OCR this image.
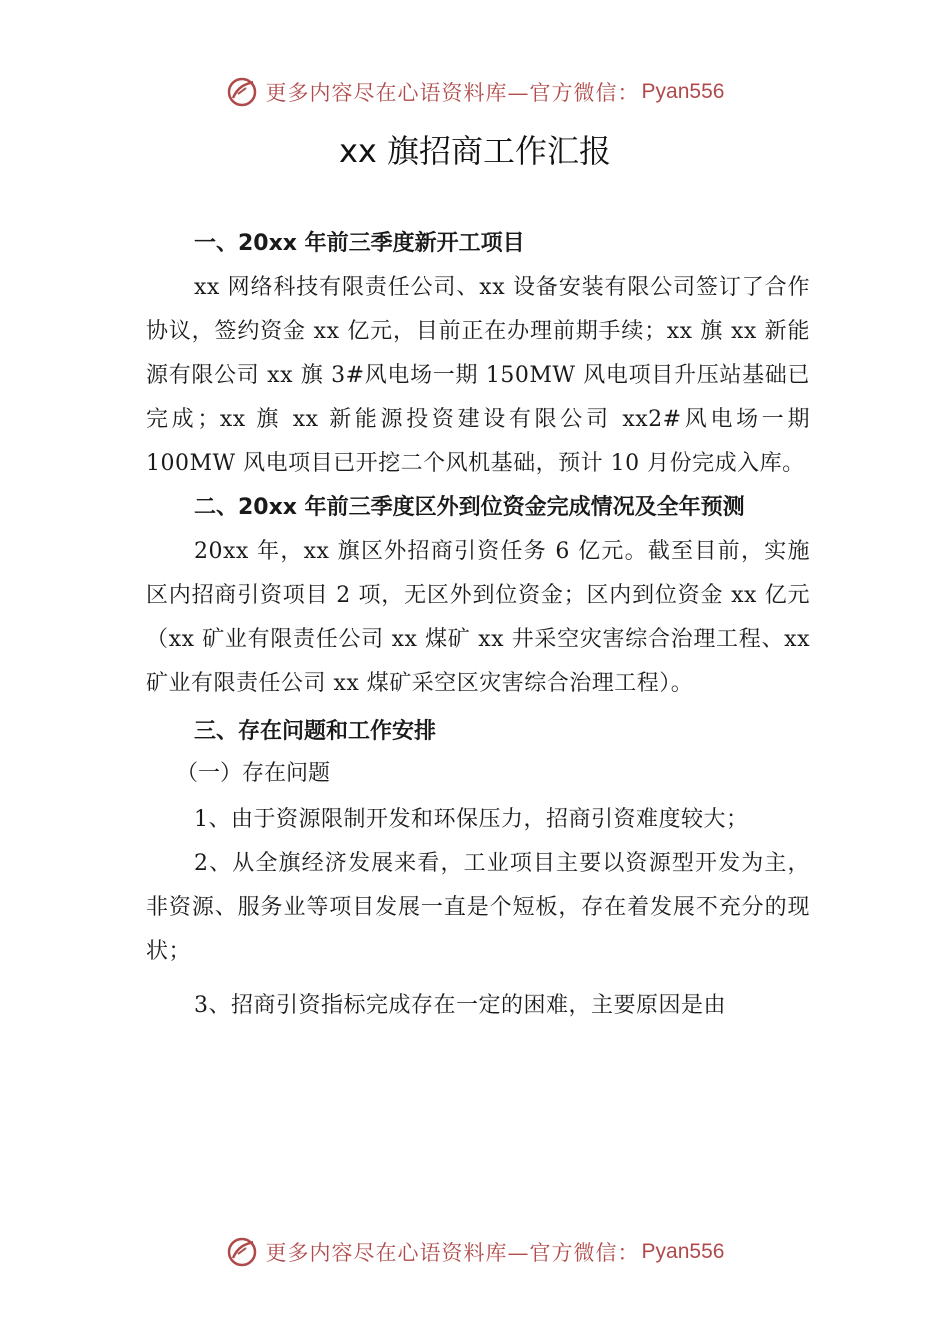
更多内容尽在心语资料库—官方微信： Pyan556
xx 旗招商工作汇报

一、20xx 年前三季度新开工项目

xx 网络科技有限责任公司、xx 设备安装有限公司签订了合作协议，签约资金 xx 亿元，目前正在办理前期手续；xx 旗 xx 新能源有限公司 xx 旗 3#风电场一期 150MW 风电项目升压站基础已完成；xx 旗 xx 新能源投资建设有限公司 xx2#风电场一期 100MW 风电项目已开挖二个风机基础，预计 10 月份完成入库。

二、20xx 年前三季度区外到位资金完成情况及全年预测

20xx 年，xx 旗区外招商引资任务 6 亿元。截至目前，实施区内招商引资项目 2 项，无区外到位资金；区内到位资金 xx 亿元（xx 矿业有限责任公司 xx 煤矿 xx 井采空灾害综合治理工程、xx 矿业有限责任公司 xx 煤矿采空区灾害综合治理工程）。

三、存在问题和工作安排

（一）存在问题

1、由于资源限制开发和环保压力，招商引资难度较大；

2、从全旗经济发展来看，工业项目主要以资源型开发为主，非资源、服务业等项目发展一直是个短板，存在着发展不充分的现状；

3、招商引资指标完成存在一定的困难，主要原因是由

更多内容尽在心语资料库—官方微信： Pyan556
